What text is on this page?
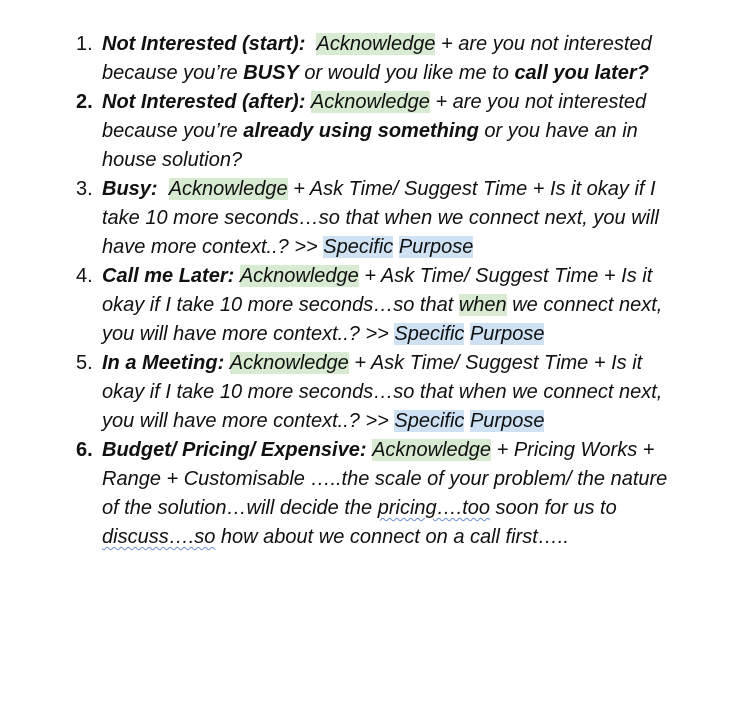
1. Not Interested (start): Acknowledge + are you not interested because you’re BUSY or would you like me to call you later?
2. Not Interested (after): Acknowledge + are you not interested because you’re already using something or you have an in house solution?
3. Busy: Acknowledge + Ask Time/ Suggest Time + Is it okay if I take 10 more seconds…so that when we connect next, you will have more context..? >> Specific Purpose
4. Call me Later: Acknowledge + Ask Time/ Suggest Time + Is it okay if I take 10 more seconds…so that when we connect next, you will have more context..? >> Specific Purpose
5. In a Meeting: Acknowledge + Ask Time/ Suggest Time + Is it okay if I take 10 more seconds…so that when we connect next, you will have more context..? >> Specific Purpose
6. Budget/ Pricing/ Expensive: Acknowledge + Pricing Works + Range + Customisable …..the scale of your problem/ the nature of the solution…will decide the pricing….too soon for us to discuss….so how about we connect on a call first…..
